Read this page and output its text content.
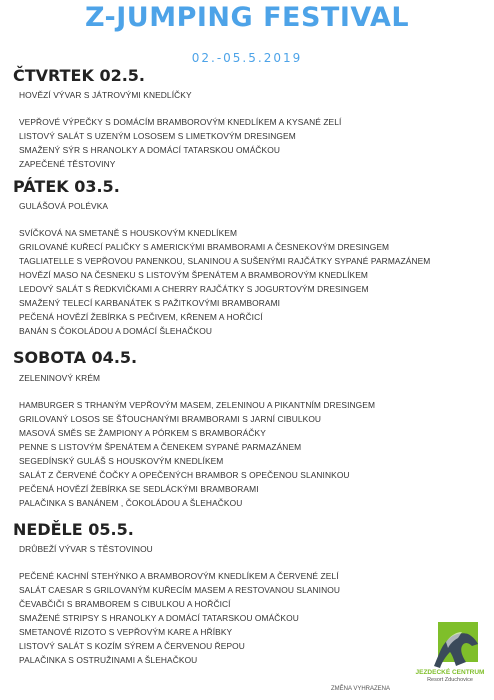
Z-JUMPING FESTIVAL
02.-05.5.2019
ČTVRTEK 02.5.
HOVĚZÍ VÝVAR S JÁTROVÝMI KNEDLÍČKY
VEPŘOVÉ VÝPEČKY S DOMÁCÍM BRAMBOROVÝM KNEDLÍKEM A KYSANÉ ZELÍ
LISTOVÝ SALÁT S UZENÝM LOSOSEM S LIMETKOVÝM DRESINGEM
SMAŽENÝ SÝR S HRANOLKY A DOMÁCÍ TATARSKOU OMÁČKOU
ZAPEČENÉ TĚSTOVINY
PÁTEK 03.5.
GULÁŠOVÁ POLÉVKA
SVÍČKOVÁ NA SMETANĚ S HOUSKOVÝM KNEDLÍKEM
GRILOVANÉ KUŘECÍ PALIČKY S AMERICKÝMI BRAMBORAMI A ČESNEKOVÝM DRESINGEM
TAGLIATELLE S VEPŘOVOU PANENKOU, SLANINOU A SUŠENÝMI RAJČÁTKY SYPANÉ PARMAZÁNEM
HOVĚZÍ MASO NA ČESNEKU S LISTOVÝM ŠPENÁTEM A BRAMBOROVÝM KNEDLÍKEM
LEDOVÝ SALÁT S ŘEDKVIČKAMI A CHERRY RAJČÁTKY S JOGURTOVÝM DRESINGEM
SMAŽENÝ TELECÍ KARBANÁTEK S PAŽITKOVÝMI BRAMBORAMI
PEČENÁ HOVĚZÍ ŽEBÍRKA S PEČIVEM, KŘENEM A HOŘČICÍ
BANÁN S ČOKOLÁDOU A DOMÁCÍ ŠLEHAČKOU
SOBOTA 04.5.
ZELENINOVÝ KRÉM
HAMBURGER S TRHANÝM VEPŘOVÝM MASEM, ZELENINOU A PIKANTNÍM DRESINGEM
GRILOVANÝ LOSOS SE ŠŤOUCHANÝMI BRAMBORAMI S JARNÍ CIBULKOU
MASOVÁ SMĚS SE ŽAMPIONY A PÓRKEM S BRAMBORÁČKY
PENNE S LISTOVÝM ŠPENÁTEM A ČENEKEM SYPANÉ PARMAZÁNEM
SEGEDÍNSKÝ GULÁŠ S HOUSKOVÝM KNEDLÍKEM
SALÁT Z ČERVENÉ ČOČKY A OPEČENÝCH BRAMBOR S OPEČENOU SLANINKOU
PEČENÁ HOVĚZÍ ŽEBÍRKA SE SEDLÁCKÝMI BRAMBORAMI
PALAČINKA S BANÁNEM , ČOKOLÁDOU A ŠLEHAČKOU
NEDĚLE 05.5.
DRŮBEŽÍ VÝVAR S TĚSTOVINOU
PEČENÉ KACHNÍ STEHÝNKO A BRAMBOROVÝM KNEDLÍKEM A ČERVENÉ ZELÍ
SALÁT CAESAR S GRILOVANÝM KUŘECÍM MASEM A RESTOVANOU SLANINOU
ČEVABČIČI S BRAMBOREM S CIBULKOU A HOŘČICÍ
SMAŽENÉ STRIPSY S HRANOLKY A DOMÁCÍ TATARSKOU OMÁČKOU
SMETANOVÉ RIZOTO S VEPŘOVÝM KARE A HŘÍBKY
LISTOVÝ SALÁT S KOZÍM SÝREM A ČERVENOU ŘEPOU
PALAČINKA S OSTRUŽINAMI A ŠLEHAČKOU
ZMĚNA VYHRAZENA
JEZDECKÉ CENTRUM
Resort Zduchovice
